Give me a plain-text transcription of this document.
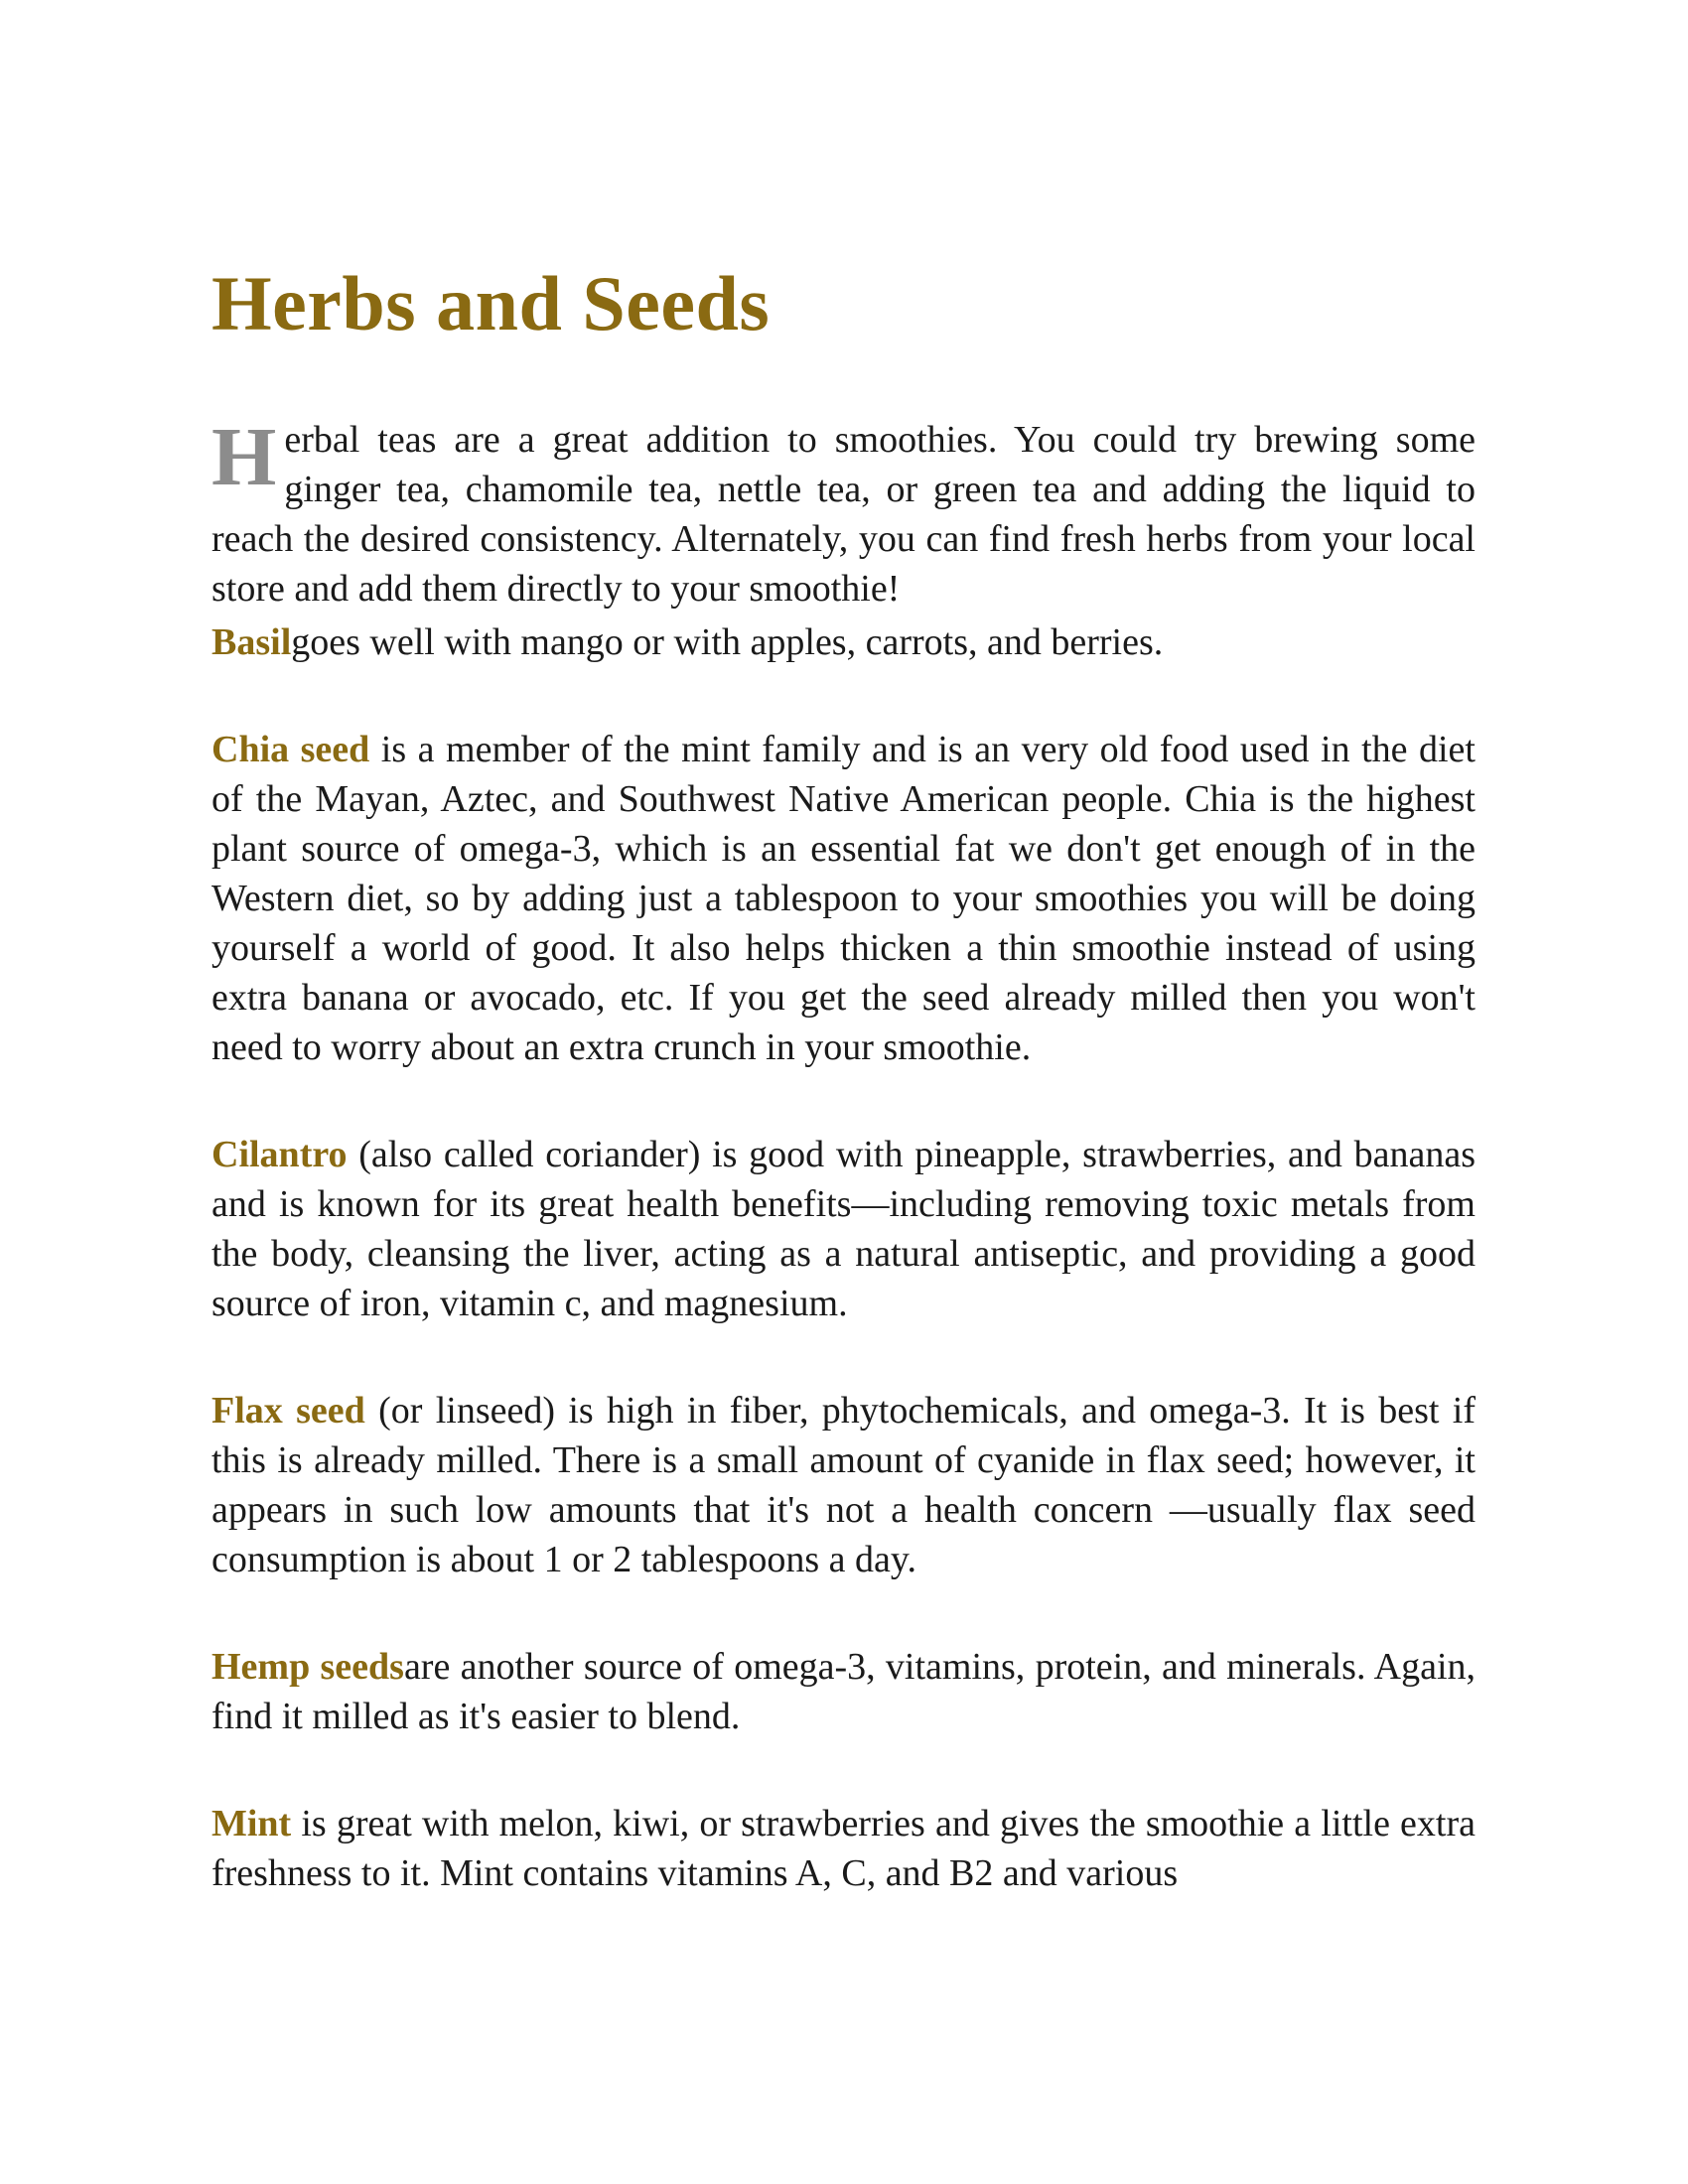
Herbs and Seeds

Herbal teas are a great addition to smoothies. You could try brewing some ginger tea, chamomile tea, nettle tea, or green tea and adding the liquid to reach the desired consistency. Alternately, you can find fresh herbs from your local store and add them directly to your smoothie!

Basilgoes well with mango or with apples, carrots, and berries.

Chia seed is a member of the mint family and is an very old food used in the diet of the Mayan, Aztec, and Southwest Native American people. Chia is the highest plant source of omega-3, which is an essential fat we don't get enough of in the Western diet, so by adding just a tablespoon to your smoothies you will be doing yourself a world of good. It also helps thicken a thin smoothie instead of using extra banana or avocado, etc. If you get the seed already milled then you won't need to worry about an extra crunch in your smoothie.

Cilantro (also called coriander) is good with pineapple, strawberries, and bananas and is known for its great health benefits—including removing toxic metals from the body, cleansing the liver, acting as a natural antiseptic, and providing a good source of iron, vitamin c, and magnesium.

Flax seed (or linseed) is high in fiber, phytochemicals, and omega-3. It is best if this is already milled. There is a small amount of cyanide in flax seed; however, it appears in such low amounts that it's not a health concern —usually flax seed consumption is about 1 or 2 tablespoons a day.

Hemp seedsare another source of omega-3, vitamins, protein, and minerals. Again, find it milled as it's easier to blend.

Mint is great with melon, kiwi, or strawberries and gives the smoothie a little extra freshness to it. Mint contains vitamins A, C, and B2 and various
